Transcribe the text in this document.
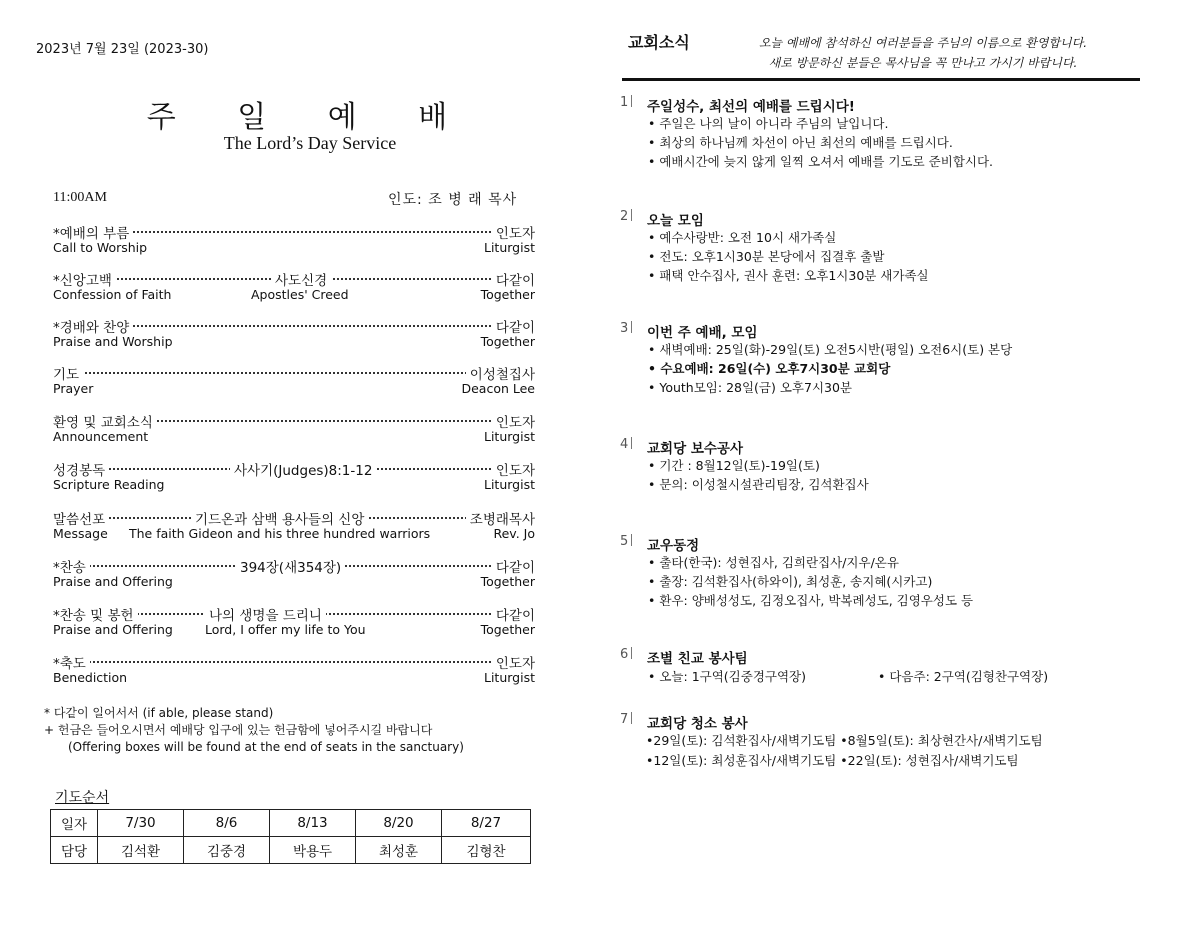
2023년 7월 23일 (2023-30)
주 일 예 배
The Lord’s Day Service
11:00AM	인도: 조 병 래 목사
*예배의 부름	인도자
Call to Worship	Liturgist
*신앙고백	사도신경	다같이
Confession of Faith	Apostles' Creed	Together
*경배와 찬양	다같이
Praise and Worship	Together
기도	이성철집사
Prayer	Deacon Lee
환영 및 교회소식	인도자
Announcement	Liturgist
성경봉독	사사기(Judges)8:1-12	인도자
Scripture Reading	Liturgist
말씀선포	기드온과 삼백 용사들의 신앙	조병래목사
Message The faith Gideon and his three hundred warriors	Rev. Jo
*찬송	394장(새354장)	다같이
Praise and Offering	Together
*찬송 및 봉헌	나의 생명을 드리니	다같이
Praise and Offering	Lord, I offer my life to You	Together
*축도	인도자
Benediction	Liturgist
* 다같이 일어서서 (if able, please stand)
+ 헌금은 들어오시면서 예배당 입구에 있는 헌금함에 넣어주시길 바랍니다
(Offering boxes will be found at the end of seats in the sanctuary)
기도순서
일자	7/30	8/6	8/13	8/20	8/27
담당	김석환	김중경	박용두	최성훈	김형찬
교회소식	오늘 예배에 참석하신 여러분들을 주님의 이름으로 환영합니다.
새로 방문하신 분들은 목사님을 꼭 만나고 가시기 바랍니다.
1 주일성수, 최선의 예배를 드립시다!
• 주일은 나의 날이 아니라 주님의 날입니다.
• 최상의 하나님께 차선이 아닌 최선의 예배를 드립시다.
• 예배시간에 늦지 않게 일찍 오셔서 예배를 기도로 준비합시다.
2 오늘 모임
• 예수사랑반: 오전 10시 새가족실
• 전도: 오후1시30분 본당에서 집결후 출발
• 패택 안수집사, 권사 훈련: 오후1시30분 새가족실
3 이번 주 예배, 모임
• 새벽예배: 25일(화)-29일(토) 오전5시반(평일) 오전6시(토) 본당
• 수요예배: 26일(수) 오후7시30분 교회당
• Youth모임: 28일(금) 오후7시30분
4 교회당 보수공사
• 기간 : 8월12일(토)-19일(토)
• 문의: 이성철시설관리팀장, 김석환집사
5 교우동정
• 출타(한국): 성현집사, 김희란집사/지우/온유
• 출장: 김석환집사(하와이), 최성훈, 송지혜(시카고)
• 환우: 양배성성도, 김정오집사, 박복례성도, 김영우성도 등
6 조별 친교 봉사팀
• 오늘: 1구역(김중경구역장)	• 다음주: 2구역(김형찬구역장)
7 교회당 청소 봉사
•29일(토): 김석환집사/새벽기도팀 •8월5일(토): 최상현간사/새벽기도팀
•12일(토): 최성훈집사/새벽기도팀 •22일(토): 성현집사/새벽기도팀
